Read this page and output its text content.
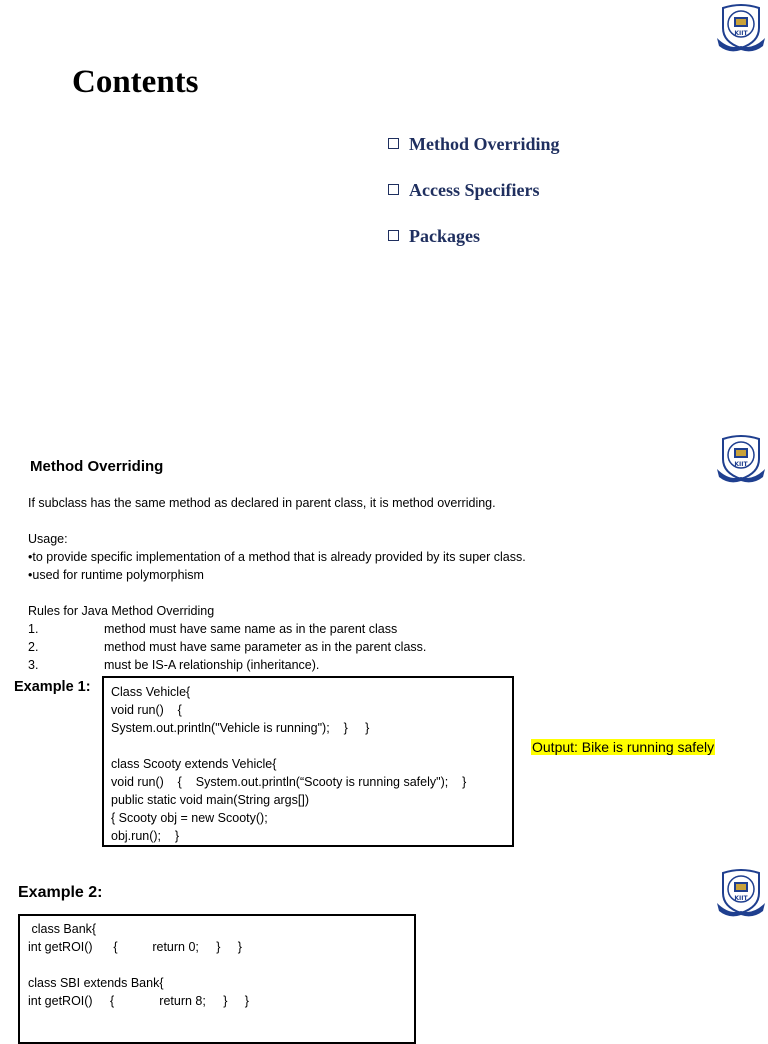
KIIT
Contents
Method Overriding
Access Specifiers
Packages
KIIT
Method Overriding
If subclass has the same method as declared in parent class, it is method overriding.
Usage:
•to provide specific implementation of a method that is already provided by its super class.
•used for runtime polymorphism
Rules for Java Method Overriding
1.	method must have same name as in the parent class
2.	method must have same parameter as in the parent class.
3.	must be IS-A relationship (inheritance).
Example 1: Class Vehicle{
void run()    {
System.out.println("Vehicle is running");    }     }

class Scooty extends Vehicle{
void run()    {    System.out.println(“Scooty is running safely");    }
public static void main(String args[])
{ Scooty obj = new Scooty();
obj.run();    }
Output: Bike is running safely
KIIT
Example 2:
class Bank{
int getROI()      {          return 0;     }     }

class SBI extends Bank{
int getROI()     {             return 8;     }     }
